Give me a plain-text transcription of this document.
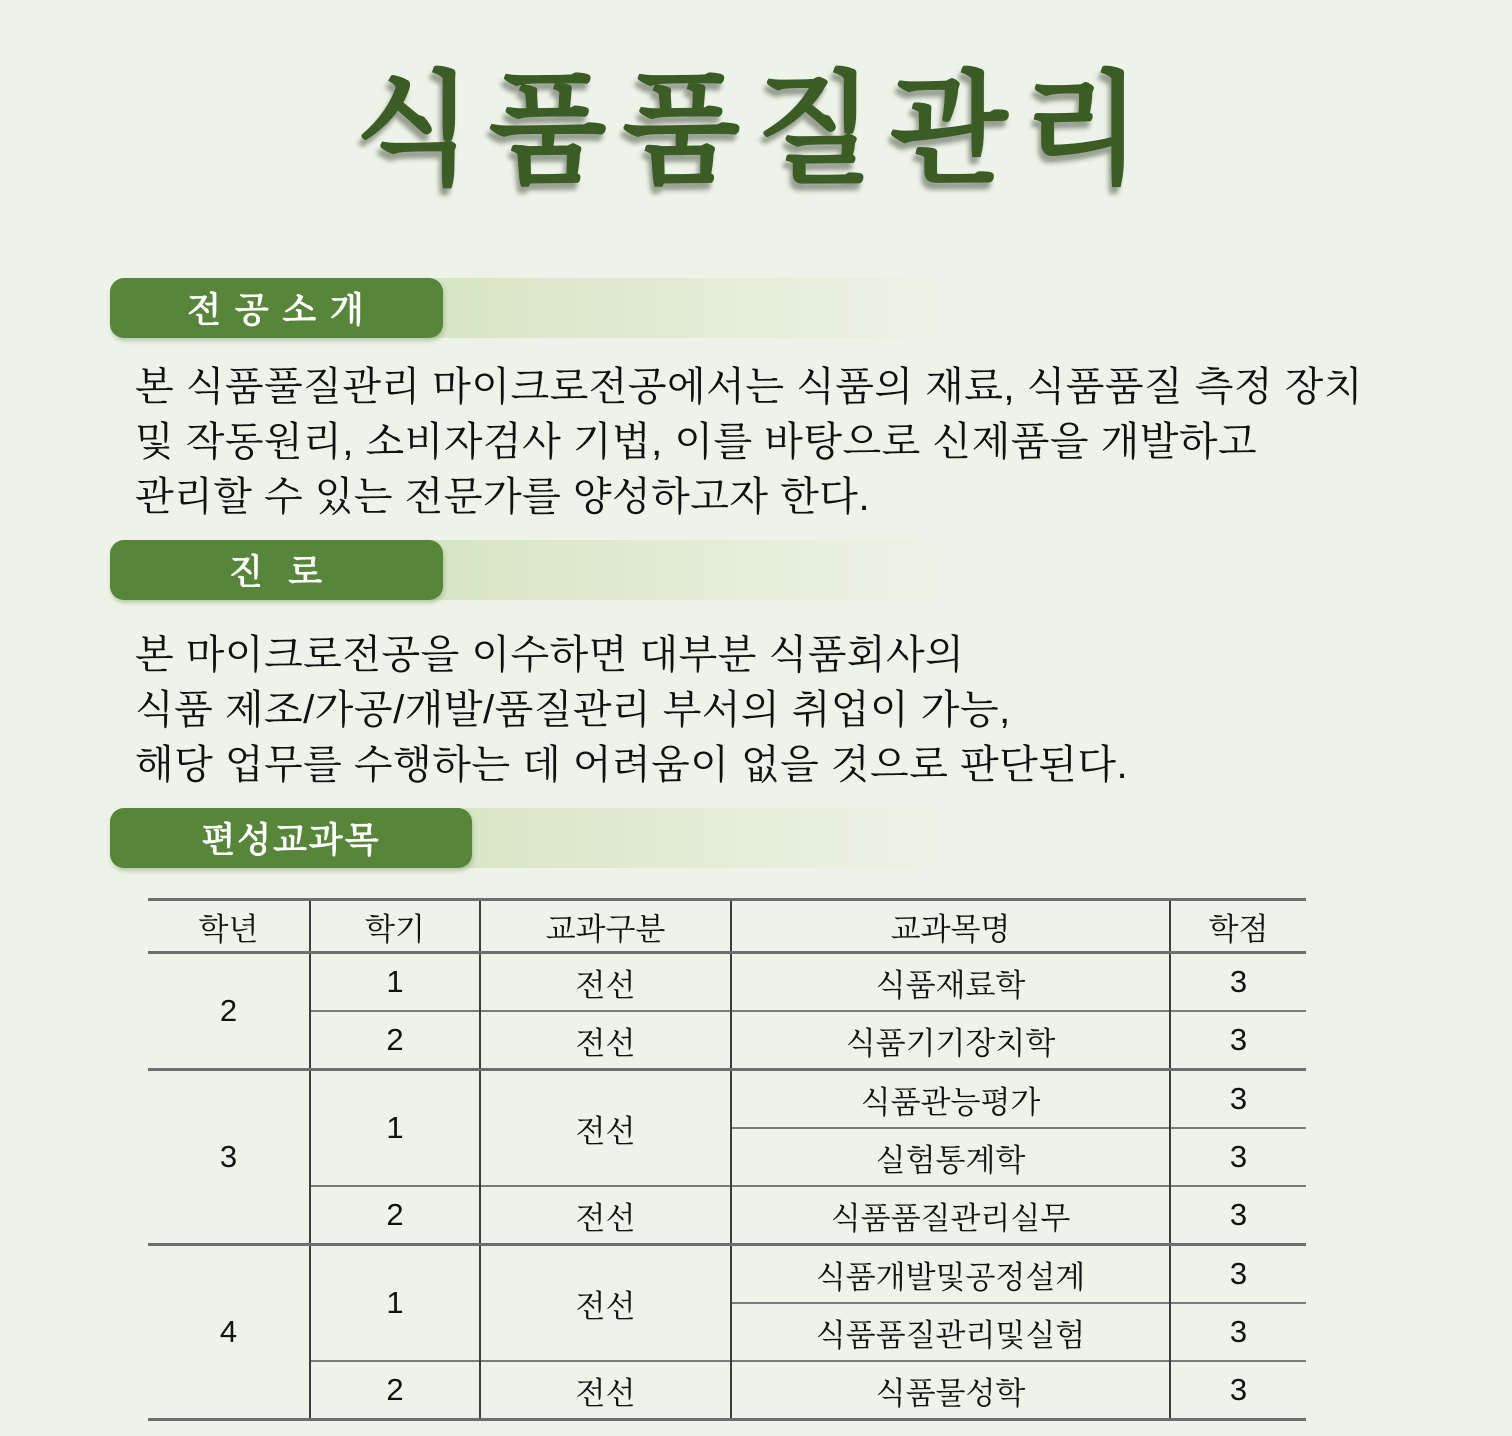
식품품질관리
전 공 소 개

본 식품풀질관리 마이크로전공에서는 식품의 재료, 식품품질 측정 장치
및 작동원리, 소비자검사 기법, 이를 바탕으로 신제품을 개발하고
관리할 수 있는 전문가를 양성하고자 한다.

진  로

본 마이크로전공을 이수하면 대부분 식품회사의
식품 제조/가공/개발/품질관리 부서의 취업이 가능,
해당 업무를 수행하는 데 어려움이 없을 것으로 판단된다.

편성교과목
학년	학기	교과구분	교과목명	학점
2	1	전선	식품재료학	3
	2	전선	식품기기장치학	3
3	1	전선	식품관능평가	3
			실험통계학	3
	2	전선	식품품질관리실무	3
4	1	전선	식품개발및공정설계	3
			식품품질관리및실험	3
	2	전선	식품물성학	3
